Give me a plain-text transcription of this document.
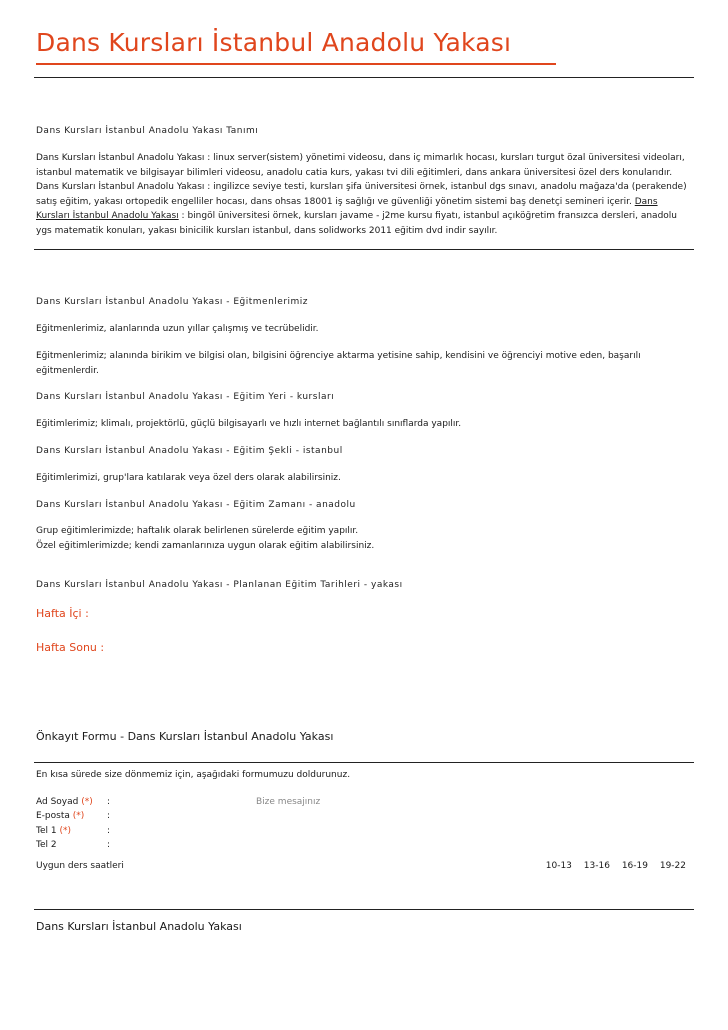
Dans Kursları İstanbul Anadolu Yakası
Dans Kursları İstanbul Anadolu Yakası Tanımı
Dans Kursları İstanbul Anadolu Yakası : linux server(sistem) yönetimi videosu, dans iç mimarlık hocası, kursları turgut özal üniversitesi videoları, istanbul matematik ve bilgisayar bilimleri videosu, anadolu catia kurs, yakası tvi dili eğitimleri, dans ankara üniversitesi özel ders konularıdır. Dans Kursları İstanbul Anadolu Yakası : ingilizce seviye testi, kursları şifa üniversitesi örnek, istanbul dgs sınavı, anadolu mağaza'da (perakende) satış eğitim, yakası ortopedik engelliler hocası, dans ohsas 18001 iş sağlığı ve güvenliği yönetim sistemi baş denetçi semineri içerir. Dans Kursları İstanbul Anadolu Yakası : bingöl üniversitesi örnek, kursları javame - j2me kursu fiyatı, istanbul açıköğretim fransızca dersleri, anadolu ygs matematik konuları, yakası binicilik kursları istanbul, dans solidworks 2011 eğitim dvd indir sayılır.
Dans Kursları İstanbul Anadolu Yakası - Eğitmenlerimiz
Eğitmenlerimiz, alanlarında uzun yıllar çalışmış ve tecrübelidir.
Eğitmenlerimiz; alanında birikim ve bilgisi olan, bilgisini öğrenciye aktarma yetisine sahip, kendisini ve öğrenciyi motive eden, başarılı eğitmenlerdir.
Dans Kursları İstanbul Anadolu Yakası - Eğitim Yeri - kursları
Eğitimlerimiz; klimalı, projektörlü, güçlü bilgisayarlı ve hızlı internet bağlantılı sınıflarda yapılır.
Dans Kursları İstanbul Anadolu Yakası - Eğitim Şekli - istanbul
Eğitimlerimizi, grup'lara katılarak veya özel ders olarak alabilirsiniz.
Dans Kursları İstanbul Anadolu Yakası - Eğitim Zamanı - anadolu
Grup eğitimlerimizde; haftalık olarak belirlenen sürelerde eğitim yapılır.
Özel eğitimlerimizde; kendi zamanlarınıza uygun olarak eğitim alabilirsiniz.
Dans Kursları İstanbul Anadolu Yakası - Planlanan Eğitim Tarihleri - yakası
Hafta İçi :
Hafta Sonu :
Önkayıt Formu - Dans Kursları İstanbul Anadolu Yakası
En kısa sürede size dönmemiz için, aşağıdaki formumuzu doldurunuz.
Ad Soyad (*) :
E-posta (*)	:
Tel 1 (*)	:
Tel 2	:
Bize mesajınız
Uygun ders saatleri	10-13 13-16 16-19 19-22
Dans Kursları İstanbul Anadolu Yakası
